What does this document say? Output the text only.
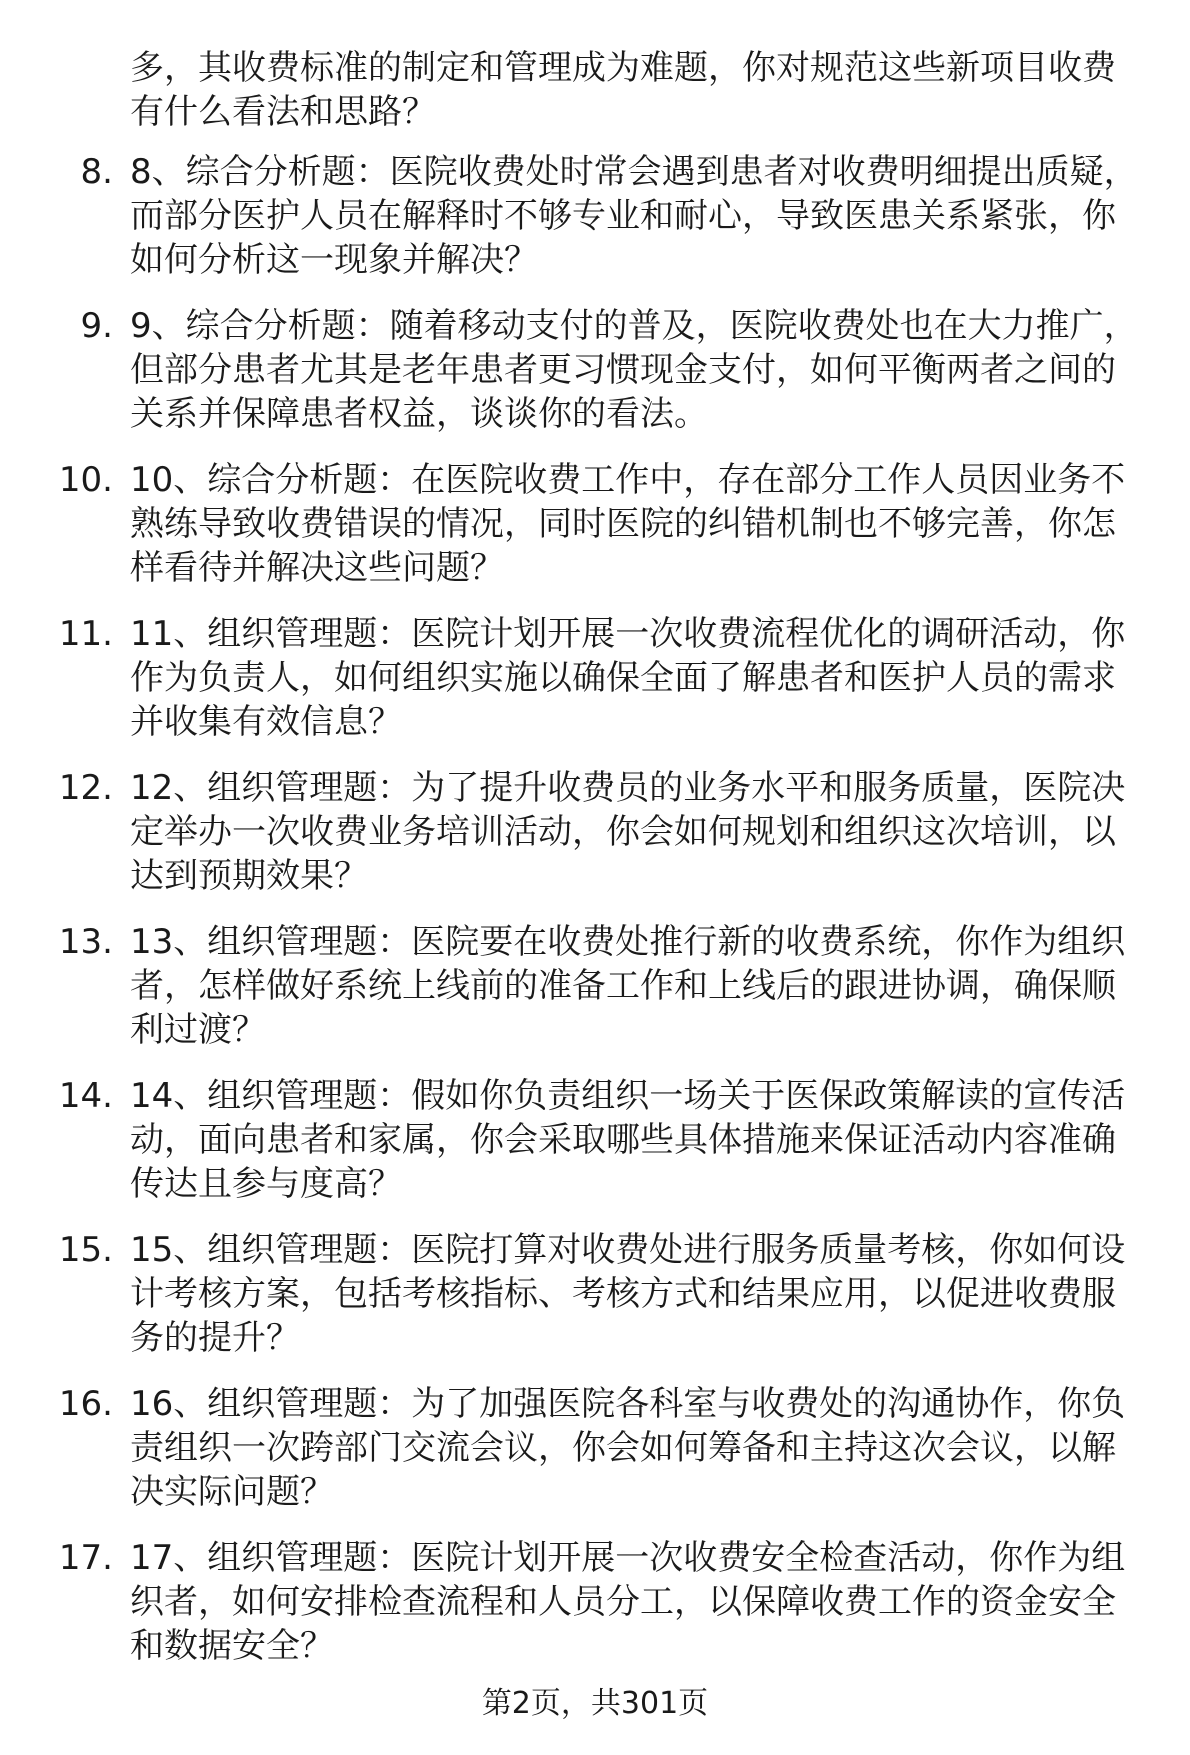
多，其收费标准的制定和管理成为难题，你对规范这些新项目收费有什么看法和思路？
8. 8、综合分析题：医院收费处时常会遇到患者对收费明细提出质疑，而部分医护人员在解释时不够专业和耐心，导致医患关系紧张，你如何分析这一现象并解决？
9. 9、综合分析题：随着移动支付的普及，医院收费处也在大力推广，但部分患者尤其是老年患者更习惯现金支付，如何平衡两者之间的关系并保障患者权益，谈谈你的看法。
10. 10、综合分析题：在医院收费工作中，存在部分工作人员因业务不熟练导致收费错误的情况，同时医院的纠错机制也不够完善，你怎样看待并解决这些问题？
11. 11、组织管理题：医院计划开展一次收费流程优化的调研活动，你作为负责人，如何组织实施以确保全面了解患者和医护人员的需求并收集有效信息？
12. 12、组织管理题：为了提升收费员的业务水平和服务质量，医院决定举办一次收费业务培训活动，你会如何规划和组织这次培训，以达到预期效果？
13. 13、组织管理题：医院要在收费处推行新的收费系统，你作为组织者，怎样做好系统上线前的准备工作和上线后的跟进协调，确保顺利过渡？
14. 14、组织管理题：假如你负责组织一场关于医保政策解读的宣传活动，面向患者和家属，你会采取哪些具体措施来保证活动内容准确传达且参与度高？
15. 15、组织管理题：医院打算对收费处进行服务质量考核，你如何设计考核方案，包括考核指标、考核方式和结果应用，以促进收费服务的提升？
16. 16、组织管理题：为了加强医院各科室与收费处的沟通协作，你负责组织一次跨部门交流会议，你会如何筹备和主持这次会议，以解决实际问题？
17. 17、组织管理题：医院计划开展一次收费安全检查活动，你作为组织者，如何安排检查流程和人员分工，以保障收费工作的资金安全和数据安全？
第2页，共301页
